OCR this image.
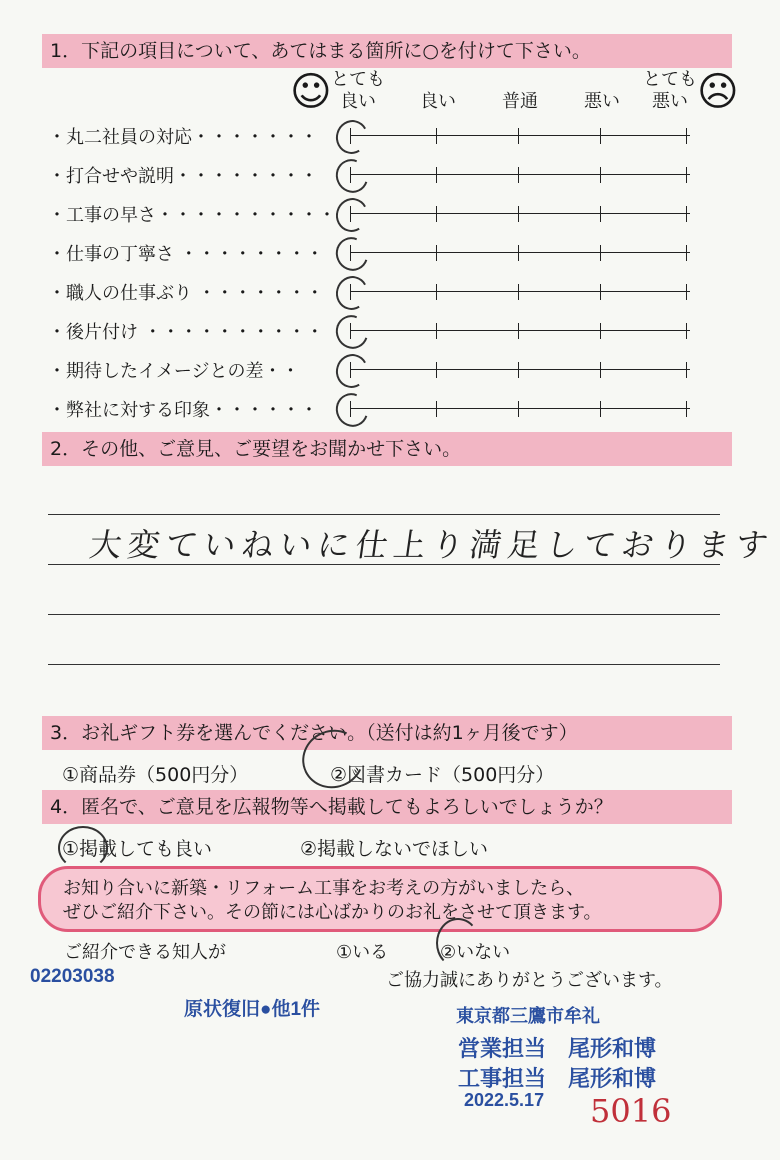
1．下記の項目について、あてはまる箇所に○を付けて下さい。
☺	☹
とても
良い	良い	普通	悪い
とても
悪い
・丸二社員の対応・・・・・・・
・打合せや説明・・・・・・・・
・工事の早さ・・・・・・・・・・
・仕事の丁寧さ ・・・・・・・・
・職人の仕事ぶり ・・・・・・・
・後片付け ・・・・・・・・・・
・期待したイメージとの差・・
・弊社に対する印象・・・・・・
2．その他、ご意見、ご要望をお聞かせ下さい。
大変ていねいに仕上り満足しております
3．お礼ギフト券を選んでください。（送付は約1ヶ月後です）
①商品券（500円分）	②図書カード（500円分）
4．匿名で、ご意見を広報物等へ掲載してもよろしいでしょうか？
①掲載しても良い	②掲載しないでほしい
お知り合いに新築・リフォーム工事をお考えの方がいましたら、
ぜひご紹介下さい。その節には心ばかりのお礼をさせて頂きます。
ご紹介できる知人が	①いる	②いない
ご協力誠にありがとうございます。
02203038
原状復旧●他1件	東京都三鷹市牟礼
営業担当　尾形和博
工事担当　尾形和博
2022.5.17 5016
